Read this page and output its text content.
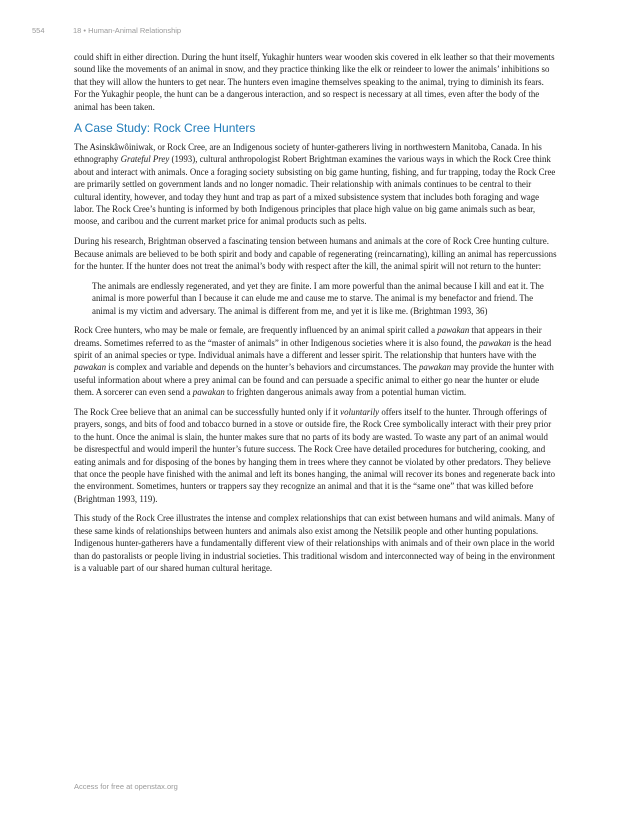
554	18 • Human-Animal Relationship

could shift in either direction. During the hunt itself, Yukaghir hunters wear wooden skis covered in elk leather so that their movements sound like the movements of an animal in snow, and they practice thinking like the elk or reindeer to lower the animals’ inhibitions so that they will allow the hunters to get near. The hunters even imagine themselves speaking to the animal, trying to diminish its fears. For the Yukaghir people, the hunt can be a dangerous interaction, and so respect is necessary at all times, even after the body of the animal has been taken.

A Case Study: Rock Cree Hunters

The Asinskâwôiniwak, or Rock Cree, are an Indigenous society of hunter-gatherers living in northwestern Manitoba, Canada. In his ethnography Grateful Prey (1993), cultural anthropologist Robert Brightman examines the various ways in which the Rock Cree think about and interact with animals. Once a foraging society subsisting on big game hunting, fishing, and fur trapping, today the Rock Cree are primarily settled on government lands and no longer nomadic. Their relationship with animals continues to be central to their cultural identity, however, and today they hunt and trap as part of a mixed subsistence system that includes both foraging and wage labor. The Rock Cree’s hunting is informed by both Indigenous principles that place high value on big game animals such as bear, moose, and caribou and the current market price for animal products such as pelts.

During his research, Brightman observed a fascinating tension between humans and animals at the core of Rock Cree hunting culture. Because animals are believed to be both spirit and body and capable of regenerating (reincarnating), killing an animal has repercussions for the hunter. If the hunter does not treat the animal’s body with respect after the kill, the animal spirit will not return to the hunter:

The animals are endlessly regenerated, and yet they are finite. I am more powerful than the animal because I kill and eat it. The animal is more powerful than I because it can elude me and cause me to starve. The animal is my benefactor and friend. The animal is my victim and adversary. The animal is different from me, and yet it is like me. (Brightman 1993, 36)

Rock Cree hunters, who may be male or female, are frequently influenced by an animal spirit called a pawakan that appears in their dreams. Sometimes referred to as the “master of animals” in other Indigenous societies where it is also found, the pawakan is the head spirit of an animal species or type. Individual animals have a different and lesser spirit. The relationship that hunters have with the pawakan is complex and variable and depends on the hunter’s behaviors and circumstances. The pawakan may provide the hunter with useful information about where a prey animal can be found and can persuade a specific animal to either go near the hunter or elude them. A sorcerer can even send a pawakan to frighten dangerous animals away from a potential human victim.

The Rock Cree believe that an animal can be successfully hunted only if it voluntarily offers itself to the hunter. Through offerings of prayers, songs, and bits of food and tobacco burned in a stove or outside fire, the Rock Cree symbolically interact with their prey prior to the hunt. Once the animal is slain, the hunter makes sure that no parts of its body are wasted. To waste any part of an animal would be disrespectful and would imperil the hunter’s future success. The Rock Cree have detailed procedures for butchering, cooking, and eating animals and for disposing of the bones by hanging them in trees where they cannot be violated by other predators. They believe that once the people have finished with the animal and left its bones hanging, the animal will recover its bones and regenerate back into the environment. Sometimes, hunters or trappers say they recognize an animal and that it is the “same one” that was killed before (Brightman 1993, 119).

This study of the Rock Cree illustrates the intense and complex relationships that can exist between humans and wild animals. Many of these same kinds of relationships between hunters and animals also exist among the Netsilik people and other hunting populations. Indigenous hunter-gatherers have a fundamentally different view of their relationships with animals and of their own place in the world than do pastoralists or people living in industrial societies. This traditional wisdom and interconnected way of being in the environment is a valuable part of our shared human cultural heritage.

Access for free at openstax.org
